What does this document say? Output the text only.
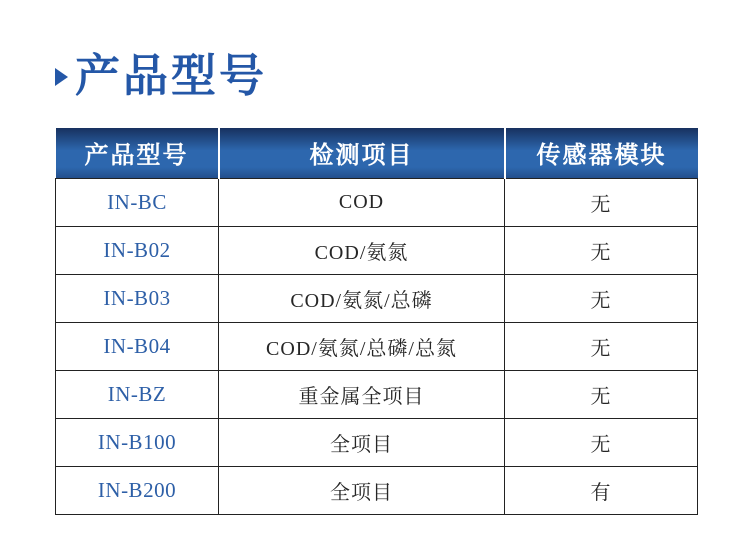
产品型号
产品型号	检测项目	传感器模块
IN-BC	COD	无
IN-B02	COD/氨氮	无
IN-B03	COD/氨氮/总磷	无
IN-B04	COD/氨氮/总磷/总氮	无
IN-BZ	重金属全项目	无
IN-B100	全项目	无
IN-B200	全项目	有
